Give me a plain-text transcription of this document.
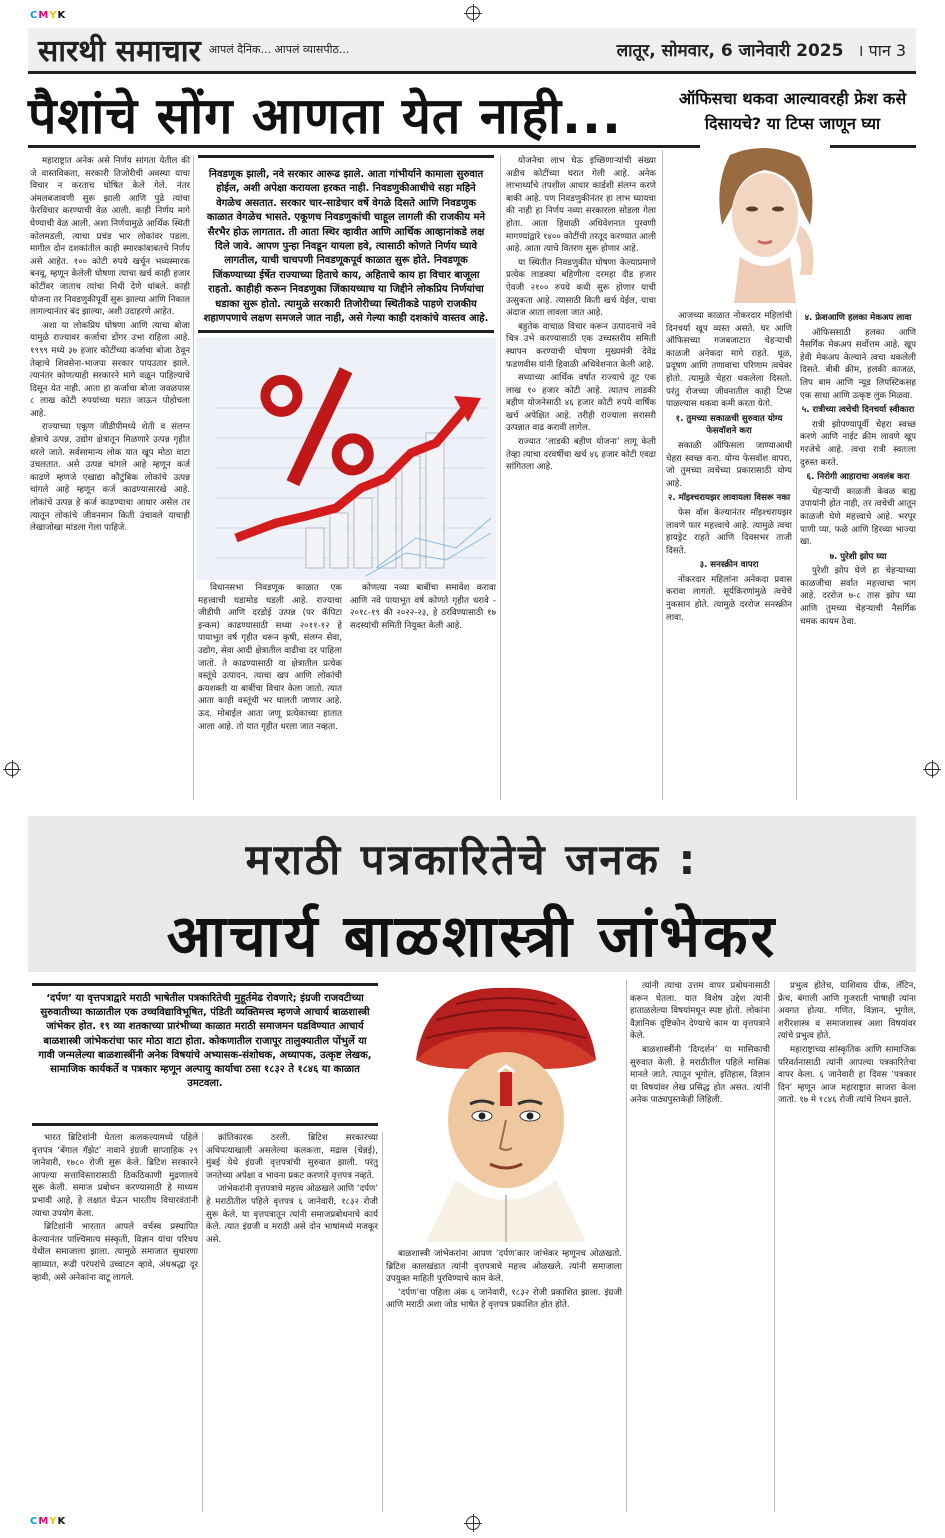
CMYK
CMYK
सारथी समाचार आपलं दैनिक... आपलं व्यासपीठ...	लातूर, सोमवार, 6 जानेवारी 2025 । पान 3
पैशांचे सोंग आणता येत नाही...	ऑफिसचा थकवा आल्यावरही फ्रेश कसे दिसायचे? या टिप्स जाणून घ्या

महाराष्ट्रात अनेक असे निर्णय सांगता येतील की जे वास्तविकता, सरकारी तिजोरीची अवस्था याचा विचार न करताच घोषित केले गेले. नंतर अंमलबजावणी सुरू झाली आणि पुढे त्यांचा फेरविचार करण्याची वेळ आली. काही निर्णय मागे घेण्याची वेळ आली. अशा निर्णयामुळे आर्थिक स्थिती कोलमडली, त्याचा प्रचंड भार लोकांवर पडला. मागील दोन दशकांतील काही स्मारकांबाबतचे निर्णय असे आहेत. १०० कोटी रुपये खर्चून भव्यस्मारक बनवू, म्हणून केलेली घोषणा त्याचा खर्च काही हजार कोटींवर जाताच त्यांचा निधी देणे थांबले. काही योजना तर निवडणुकीपूर्वी सुरू झाल्या आणि निकाल लागल्यानंतर बंद झाल्या, अशी उदाहरणे आहेत.

अशा या लोकप्रिय घोषणा आणि त्याचा बोजा यामुळे राज्यावर कर्जाचा डोंगर उभा राहिला आहे. १९९९ मध्ये ३७ हजार कोटींच्या कर्जाचा बोजा ठेवून तेव्हाचे शिवसेना-भाजपा सरकार पायउतार झाले. त्यानंतर कोणत्याही सरकारने मागे वळून पाहिल्याचे दिसून येत नाही. आता हा कर्जाचा बोजा जवळपास ८ लाख कोटी रुपयांच्या घरात जाऊन पोहोचला आहे.

राज्याच्या एकूण जीडीपीमध्ये शेती व संलग्न क्षेत्राचे उत्पन्न, उद्योग क्षेत्रातून मिळणारे उत्पन्न गृहीत धरले जाते. सर्वसामान्य लोक यात खूप मोठा वाटा उचलतात. असे उत्पन्न चांगले आहे म्हणून कर्ज काढणे म्हणजे एखाद्या कौटुंबिक लोकांचे उत्पन्न चांगले आहे म्हणून कर्ज काढण्यासारखे आहे. लोकांचे उत्पन्न हे कर्ज काढण्याचा आधार असेल तर त्यातून लोकांचे जीवनमान किती उंचावले याचाही लेखाजोखा मांडला गेला पाहिजे.

निवडणूक झाली, नवे सरकार आरूढ झाले. आता गांभीर्याने कामाला सुरुवात होईल, अशी अपेक्षा करायला हरकत नाही. निवडणुकीआधीचे सहा महिने वेगळेच असतात. सरकार चार-साडेचार वर्षे वेगळे दिसते आणि निवडणुक काळात वेगळेच भासते. एकूणच निवडणुकांची चाहूल लागली की राजकीय मने सैरभैर होऊ लागतात. ती आता स्थिर व्हावीत आणि आर्थिक आव्हानांकडे लक्ष दिले जावे. आपण पुन्हा निवडून यायला हवे, त्यासाठी कोणते निर्णय घ्यावे लागतील, याची चाचपणी निवडणूकपूर्व काळात सुरू होते. निवडणूक जिंकण्याच्या ईर्षेत राज्याच्या हिताचे काय, अहिताचे काय हा विचार बाजूला राहतो. काहीही करून निवडणुका जिंकायच्याच या जिद्दीने लोकप्रिय निर्णयांचा धडाका सुरू होतो. त्यामुळे सरकारी तिजोरीच्या स्थितीकडे पाहणे राजकीय शहाणपणाचे लक्षण समजले जात नाही, असे गेल्या काही दशकांचे वास्तव आहे.

विधानसभा निवडणूक काळात एक महत्त्वाची घडामोड घडली आहे. राज्याचा जीडीपी आणि दरडोई उत्पन्न (पर कॅपिटा इन्कम) काढण्यासाठी सध्या २०११-१२ हे पायाभूत वर्ष गृहीत धरून कृषी, संलग्न सेवा, उद्योग, सेवा आदी क्षेत्रातील वाढीचा दर पाहिला जातो. ते काढण्यासाठी या क्षेत्रातील प्रत्येक वस्तूंचे उत्पादन, त्याचा खप आणि लोकांची क्रयशक्ती या बाबींचा विचार केला जातो. त्यात आता काही वस्तूंची भर घालती जाणार आहे. ऊद. मोबाईल आता जणू प्रत्येकाच्या हातात आला आहे. तो यात गृहीत धरला जात नव्हता.

कोणत्या नव्या बाबींचा समावेश करावा आणि नवे पायाभूत वर्ष कोणते गृहीत धरावे - २०१८-१९ की २०२२-२३, हे ठरविण्यासाठी १७ सदस्यांची समिती नियुक्त केली आहे.

योजनेचा लाभ घेऊ इच्छिणाऱ्यांची संख्या अडीच कोटींच्या घरात गेली आहे. अनेक लाभार्थ्यांचे तपशील आधार कार्डशी संलग्न करणे बाकी आहे. पण निवडणुकीनंतर हा लाभ घ्यायचा की नाही हा निर्णय नव्या सरकारला सोडला गेला होता. आता हिवाळी अधिवेशनात पुरवणी मागण्यांद्वारे १४०० कोटींची तरतूद करण्यात आली आहे. आता त्याचे वितरण सुरू होणार आहे.

या स्थितीत निवडणुकीत घोषणा केल्याप्रमाणे प्रत्येक लाडक्या बहिणीला दरमहा दीड हजार ऐवजी २१०० रुपये कधी सुरू होणार याची उत्सुकता आहे. त्यासाठी किती खर्च येईल, याचा अंदाज आता लावला जात आहे.

बहुतेक वाचाळ विचार करून उत्पादनाचे नवे चित्र उभे करण्यासाठी एक उच्चस्तरीय समिती स्थापन करण्याची घोषणा मुख्यमंत्री देवेंद्र फडणवीस यांनी हिवाळी अधिवेशनात केली आहे.

सध्याच्या आर्थिक वर्षात राज्याचे तूट एक लाख १० हजार कोटी आहे. त्यातच लाडकी बहीण योजनेसाठी ४६ हजार कोटी रुपये वार्षिक खर्च अपेक्षित आहे. तरीही राज्याला सरासरी उत्पन्नात वाढ करावी लागेल.

राज्यात ‘लाडकी बहीण योजना’ लागू केली तेव्हा त्याचा दरवर्षीचा खर्च ४६ हजार कोटी एवढा सांगितला आहे.

आजच्या काळात नोकरदार महिलांची दिनचर्या खूप व्यस्त असते. घर आणि ऑफिसच्या गजबजाटात चेहऱ्याची काळजी अनेकदा मागे राहते. धूळ, प्रदूषण आणि तणावाचा परिणाम त्वचेवर होतो. त्यामुळे चेहरा थकलेला दिसतो. परंतु रोजच्या जीवनातील काही टिप्स पाळल्यास थकवा कमी करता येतो.

१. तुमच्या सकाळची सुरुवात योग्य फेसवॉशने करा

सकाळी ऑफिसला जाण्याआधी चेहरा स्वच्छ करा. योग्य फेसवॉश वापरा, जो तुमच्या त्वचेच्या प्रकारासाठी योग्य आहे.

२. मॉइश्चरायझर लावायला विसरू नका

फेस वॉश केल्यानंतर मॉइश्चरायझर लावणे फार महत्त्वाचे आहे. त्यामुळे त्वचा हायड्रेट राहते आणि दिवसभर ताजी दिसते.

३. सनस्क्रीन वापरा

नोकरदार महिलांना अनेकदा प्रवास करावा लागतो. सूर्यकिरणांमुळे त्वचेचे नुकसान होते. त्यामुळे दररोज सनस्क्रीन लावा.

४. फ्रेशआणि हलका मेकअप लावा

ऑफिससाठी हलका आणि नैसर्गिक मेकअप सर्वोत्तम आहे. खूप हेवी मेकअप केल्याने त्वचा थकलेली दिसते. बीबी क्रीम, हलकी काजळ, लिप बाम आणि न्यूड लिपस्टिकसह एक साधा आणि उत्कृष्ट लुक मिळवा.

५. रात्रीच्या त्वचेची दिनचर्या स्वीकारा

रात्री झोपण्यापूर्वी चेहरा स्वच्छ करणे आणि नाईट क्रीम लावणे खूप गरजेचे आहे. त्वचा रात्री स्वतःला दुरुस्त करते.

६. निरोगी आहाराचा अवलंब करा

चेहऱ्याची काळजी केवळ बाह्य उपायांनी होत नाही, तर त्वचेची आतून काळजी घेणे महत्त्वाचे आहे. भरपूर पाणी प्या, फळे आणि हिरव्या भाज्या खा.

७. पुरेशी झोप घ्या

पुरेशी झोप घेणे हा चेहऱ्याच्या काळजीचा सर्वात महत्त्वाचा भाग आहे. दररोज ७-८ तास झोप घ्या आणि तुमच्या चेहऱ्याची नैसर्गिक चमक कायम ठेवा.

मराठी पत्रकारितेचे जनक :
आचार्य बाळशास्त्री जांभेकर
‘दर्पण’ या वृत्तपत्राद्वारे मराठी भाषेतील पत्रकारितेची मुहूर्तमेढ रोवणारे; इंग्रजी राजवटीच्या सुरुवातीच्या काळातील एक उच्चविद्याविभूषित, पंडिती व्यक्तिमत्त्व म्हणजे आचार्य बाळशास्त्री जांभेकर होत. १९ व्या शतकाच्या प्रारंभीच्या काळात मराठी समाजमन घडविण्यात आचार्य बाळशास्त्री जांभेकरांचा फार मोठा वाटा होता. कोकणातील राजापूर तालुक्यातील पोंभुर्ले या गावी जन्मलेल्या बाळशास्त्रींनी अनेक विषयांचे अभ्यासक-संशोधक, अध्यापक, उत्कृष्ट लेखक, सामाजिक कार्यकर्ते व पत्रकार म्हणून अल्पायु कार्याचा ठसा १८३२ ते १८४६ या काळात उमटवला.

भारत ब्रिटिशांनी घेतला कलकत्त्यामध्ये पहिले वृत्तपत्र ‘बेंगाल गॅझेट’ नावाने इंग्रजी साप्ताहिक २९ जानेवारी, १७८० रोजी सुरू केले. ब्रिटिश सरकारने आपल्या सत्ताविस्तारासाठी ठिकठिकाणी मुद्रणालये सुरू केली. समाज प्रबोधन करण्यासाठी हे माध्यम प्रभावी आहे, हे लक्षात घेऊन भारतीय विचारवंतांनी त्याचा उपयोग केला.

ब्रिटिशांनी भारतात आपले वर्चस्व प्रस्थापित केल्यानंतर पाश्चिमात्य संस्कृती, विज्ञान यांचा परिचय येथील समाजाला झाला. त्यामुळे समाजात सुधारणा व्हाव्यात, रूढी परंपरांचे उच्चाटन व्हावे, अंधश्रद्धा दूर व्हावी, असे अनेकांना वाटू लागले.

क्रांतिकारक ठरली. ब्रिटिश सरकारच्या अधिपत्याखाली असलेल्या कलकत्ता, मद्रास (चेन्नई), मुंबई येथे इंग्रजी वृत्तपत्रांची सुरुवात झाली. परंतु जनतेच्या अपेक्षा व भावना प्रकट करणारे वृत्तपत्र नव्हते.

जांभेकरांनी वृत्तपत्राचे महत्त्व ओळखले आणि ‘दर्पण’ हे मराठीतील पहिले वृत्तपत्र ६ जानेवारी, १८३२ रोजी सुरू केले. या वृत्तपत्रातून त्यांनी समाजप्रबोधनाचे कार्य केले. त्यात इंग्रजी व मराठी असे दोन भाषांमध्ये मजकूर असे.

बाळशास्त्री जांभेकरांना आपण ‘दर्पण’कार जांभेकर म्हणूनच ओळखतो. ब्रिटिश कालखंडात त्यांनी वृत्तपत्राचे महत्त्व ओळखले. त्यांनी समाजाला उपयुक्त माहिती पुरविण्याचे काम केले.

‘दर्पण’चा पहिला अंक ६ जानेवारी, १८३२ रोजी प्रकाशित झाला. इंग्रजी आणि मराठी अशा जोड भाषेत हे वृत्तपत्र प्रकाशित होत होते.

त्यांनी त्याचा उत्तम वापर प्रबोधनासाठी करून घेतला. यात विशेष उद्देश त्यांनी हाताळलेल्या विषयांमधून स्पष्ट होतो. लोकांना वैज्ञानिक दृष्टिकोन देण्याचे काम या वृत्तपत्राने केले.

बाळशास्त्रींनी ‘दिग्दर्शन’ या मासिकाची सुरुवात केली. हे मराठीतील पहिले मासिक मानले जाते. त्यातून भूगोल, इतिहास, विज्ञान या विषयांवर लेख प्रसिद्ध होत असत. त्यांनी अनेक पाठ्यपुस्तकेही लिहिली.

प्रभुत्व होतेच, याशिवाय ग्रीक, लॅटिन, फ्रेंच, बंगाली आणि गुजराती भाषाही त्यांना अवगत होत्या. गणित, विज्ञान, भूगोल, शरीरशास्त्र व समाजशास्त्र अशा विषयांवर त्यांचे प्रभुत्व होते.

महाराष्ट्राच्या सांस्कृतिक आणि सामाजिक परिवर्तनासाठी त्यांनी आपल्या पत्रकारितेचा वापर केला. ६ जानेवारी हा दिवस ‘पत्रकार दिन’ म्हणून आज महाराष्ट्रात साजरा केला जातो. १७ मे १८४६ रोजी त्यांचे निधन झाले.
